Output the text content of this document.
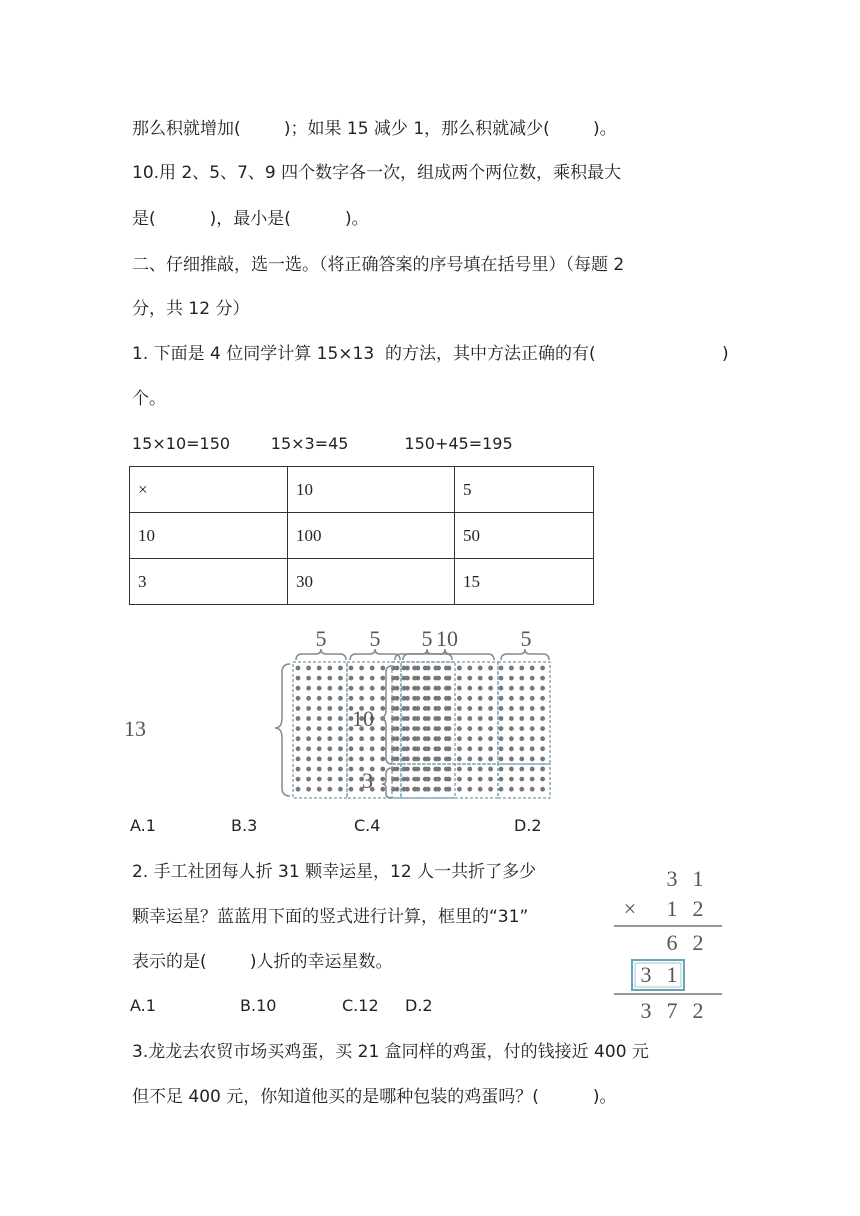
那么积就增加(        )；如果 15 减少 1，那么积就减少(        )。
10.用 2、5、7、9 四个数字各一次，组成两个两位数，乘积最大
是(          )，最小是(          )。
二、仔细推敲，选一选。（将正确答案的序号填在括号里）（每题 2
分，共 12 分）
1. 下面是 4 位同学计算 15×13  的方法，其中方法正确的有(	)
个。
15×10=150        15×3=45           150+45=195
×	10	5
10	100	50
3	30	15
5 5 5
13
10	5
10
3
A.1	B.3	C.4	D.2
2. 手工社团每人折 31 颗幸运星，12 人一共折了多少
颗幸运星？蓝蓝用下面的竖式进行计算，框里的“31”
表示的是(        )人折的幸运星数。
A.1	B.10	C.12 D.2
3 1
× 1 2
6 2
3 1
3 7 2
3.龙龙去农贸市场买鸡蛋，买 21 盒同样的鸡蛋，付的钱接近 400 元
但不足 400 元，你知道他买的是哪种包装的鸡蛋吗？(          )。
